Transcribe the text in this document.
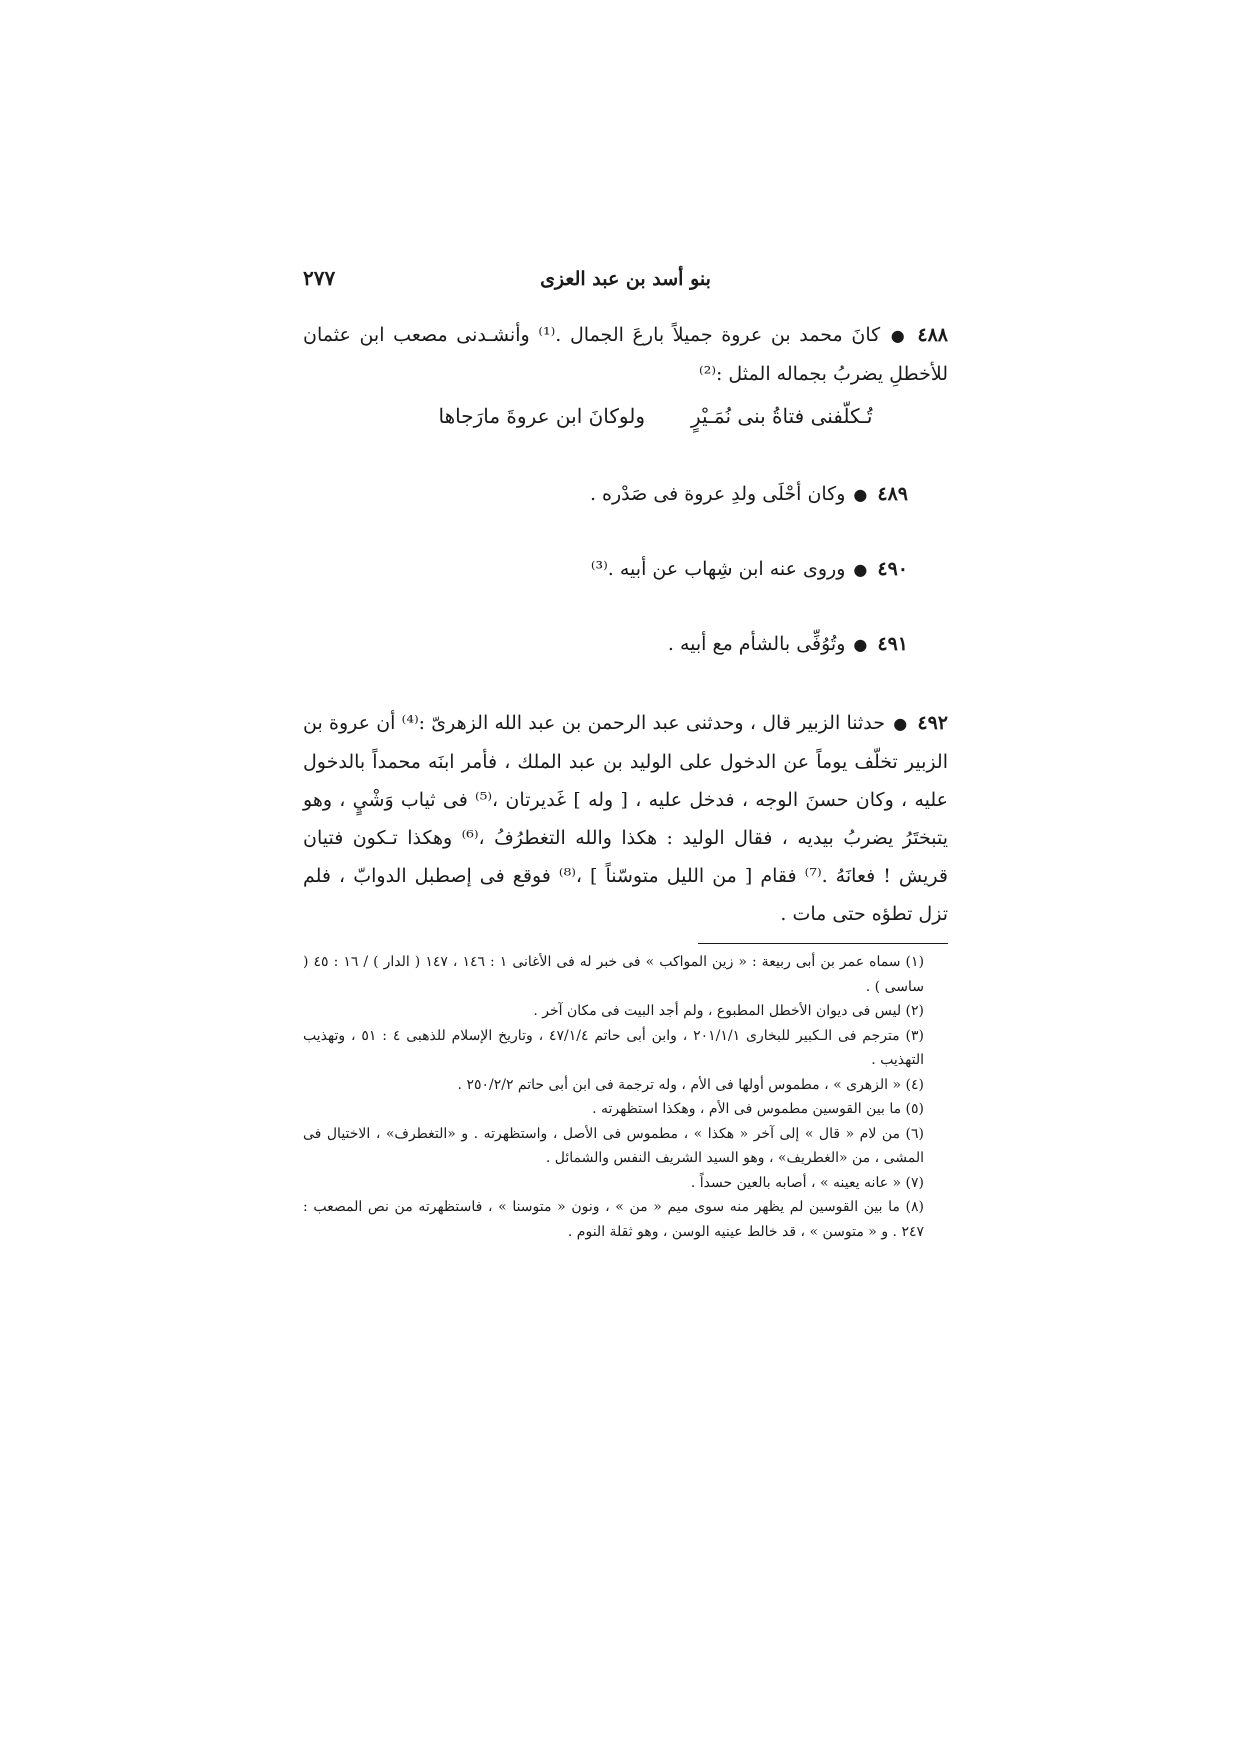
بنو أسد بن عبد العزى
٢٧٧
٤٨٨●كانَ محمد بن عروة جميلاً بارعَ الجمال .⁽¹⁾ وأنشـدنى مصعب ابن عثمان للأخطلِ يضربُ بجماله المثل :⁽²⁾
تُـكلّفنى فتاةُ بنى نُمَـيْرٍولوكانَ ابن عروةَ مارَجاها
٤٨٩●وكان أحْلَى ولدِ عروة فى صَدْره .
٤٩٠●وروى عنه ابن شِهاب عن أبيه .⁽³⁾
٤٩١●وتُوُفِّى بالشأم مع أبيه .
٤٩٢●حدثنا الزبير قال ، وحدثنى عبد الرحمن بن عبد الله الزهرىّ :⁽⁴⁾ أن عروة بن الزبير تخلّف يوماً عن الدخول على الوليد بن عبد الملك ، فأمر ابنَه محمداً بالدخول عليه ، وكان حسنَ الوجه ، فدخل عليه ، [ وله ] غَديرتان ،⁽⁵⁾ فى ثياب وَشْيٍ ، وهو يتبختَرُ يضربُ بيديه ، فقال الوليد : هكذا والله التغطرُفُ ،⁽⁶⁾ وهكذا تـكون فتيان قريش ! فعانَهُ .⁽⁷⁾ فقام [ من الليل متوسّناً ] ،⁽⁸⁾ فوقع فى إصطبل الدوابّ ، فلم تزل تطؤه حتى مات .

(١) سماه عمر بن أبى ربيعة : « زين المواكب » فى خبر له فى الأغانى ١ : ١٤٦ ، ١٤٧ ( الدار ) / ١٦ : ٤٥ ( ساسى ) .

(٢) ليس فى ديوان الأخطل المطبوع ، ولم أجد البيت فى مكان آخر .

(٣) مترجم فى الـكبير للبخارى ٢٠١/١/١ ، وابن أبى حاتم ٤٧/١/٤ ، وتاريخ الإسلام للذهبى ٤ : ٥١ ، وتهذيب التهذيب .

(٤) « الزهرى » ، مطموس أولها فى الأم ، وله ترجمة فى ابن أبى حاتم ٢٥٠/٢/٢ .

(٥) ما بين القوسين مطموس فى الأم ، وهكذا استظهرته .

(٦) من لام « قال » إلى آخر « هكذا » ، مطموس فى الأصل ، واستظهرته . و «التغطرف» ، الاختيال فى المشى ، من «الغطريف» ، وهو السيد الشريف النفس والشمائل .

(٧) « عانه يعينه » ، أصابه بالعين حسداً .

(٨) ما بين القوسين لم يظهر منه سوى ميم « من » ، ونون « متوسنا » ، فاستظهرته من نص المصعب : ٢٤٧ . و « متوسن » ، قد خالط عينيه الوسن ، وهو ثقلة النوم .
